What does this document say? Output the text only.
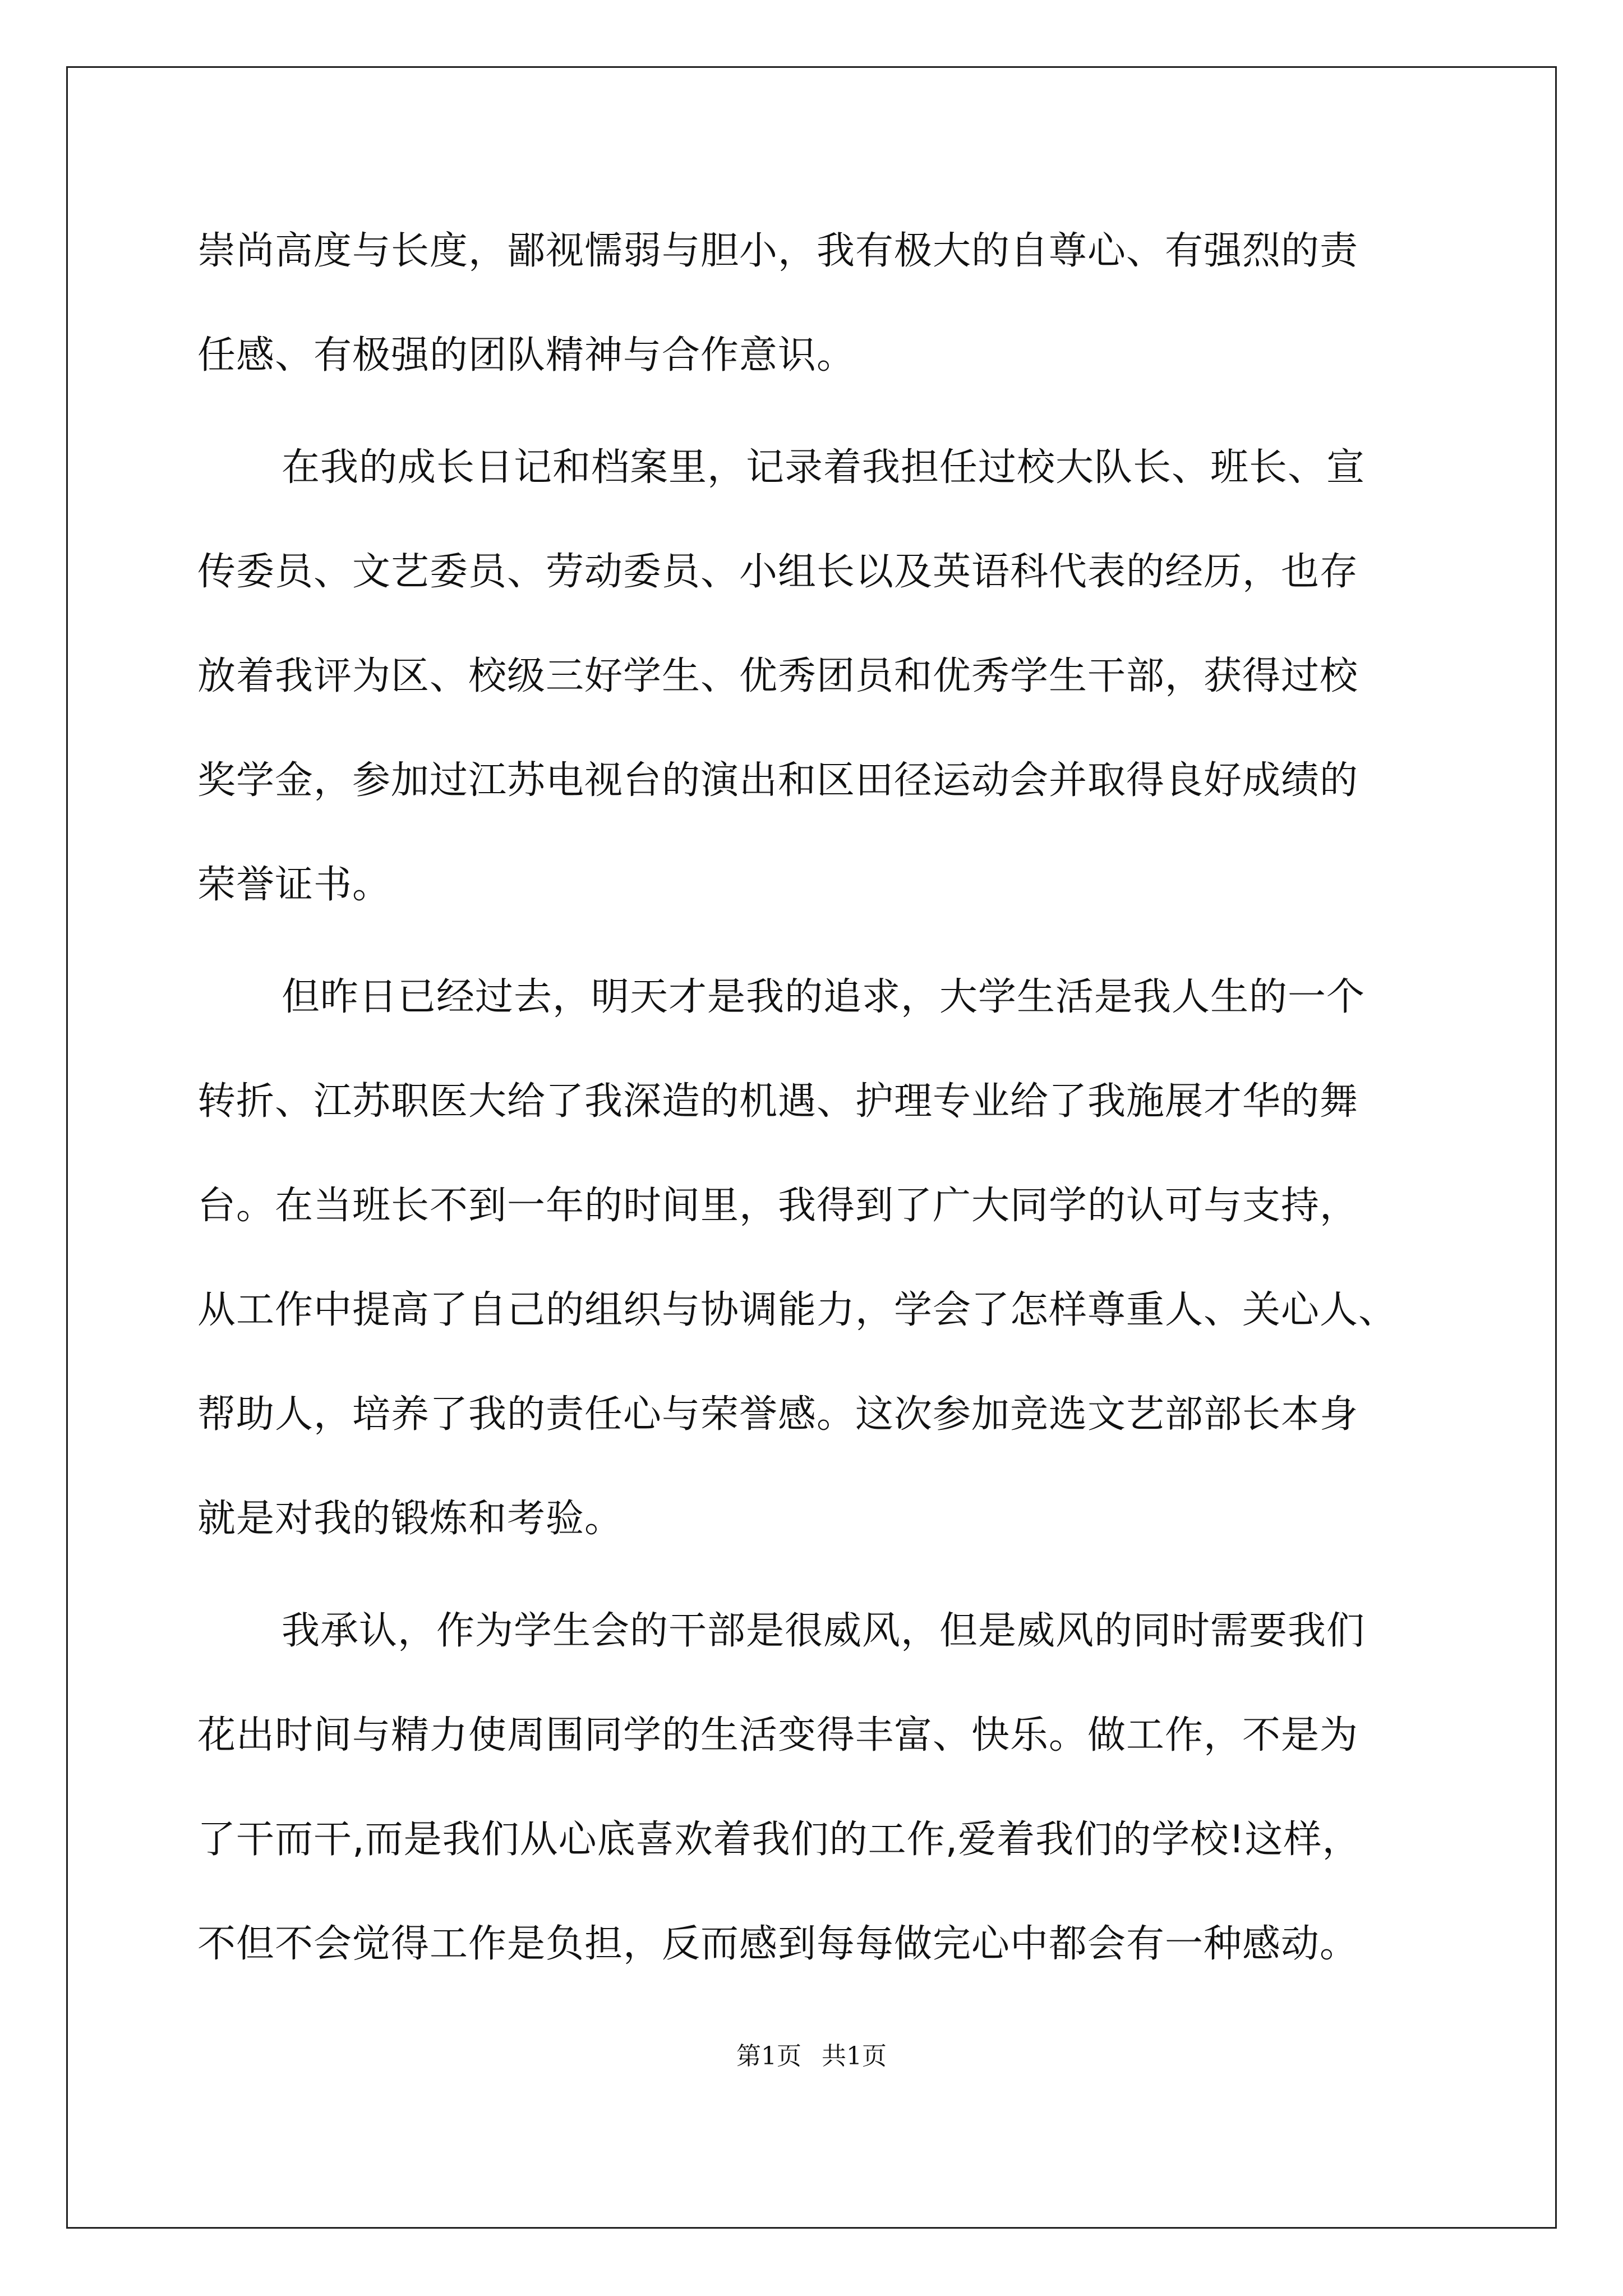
崇尚高度与长度，鄙视懦弱与胆小，我有极大的自尊心、有强烈的责
任感、有极强的团队精神与合作意识。
在我的成长日记和档案里，记录着我担任过校大队长、班长、宣
传委员、文艺委员、劳动委员、小组长以及英语科代表的经历，也存
放着我评为区、校级三好学生、优秀团员和优秀学生干部，获得过校
奖学金，参加过江苏电视台的演出和区田径运动会并取得良好成绩的
荣誉证书。
但昨日已经过去，明天才是我的追求，大学生活是我人生的一个
转折、江苏职医大给了我深造的机遇、护理专业给了我施展才华的舞
台。在当班长不到一年的时间里，我得到了广大同学的认可与支持，
从工作中提高了自己的组织与协调能力，学会了怎样尊重人、关心人、
帮助人，培养了我的责任心与荣誉感。这次参加竞选文艺部部长本身
就是对我的锻炼和考验。
我承认，作为学生会的干部是很威风，但是威风的同时需要我们
花出时间与精力使周围同学的生活变得丰富、快乐。做工作，不是为
了干而干,而是我们从心底喜欢着我们的工作,爱着我们的学校!这样，
不但不会觉得工作是负担，反而感到每每做完心中都会有一种感动。
第1页 共1页
